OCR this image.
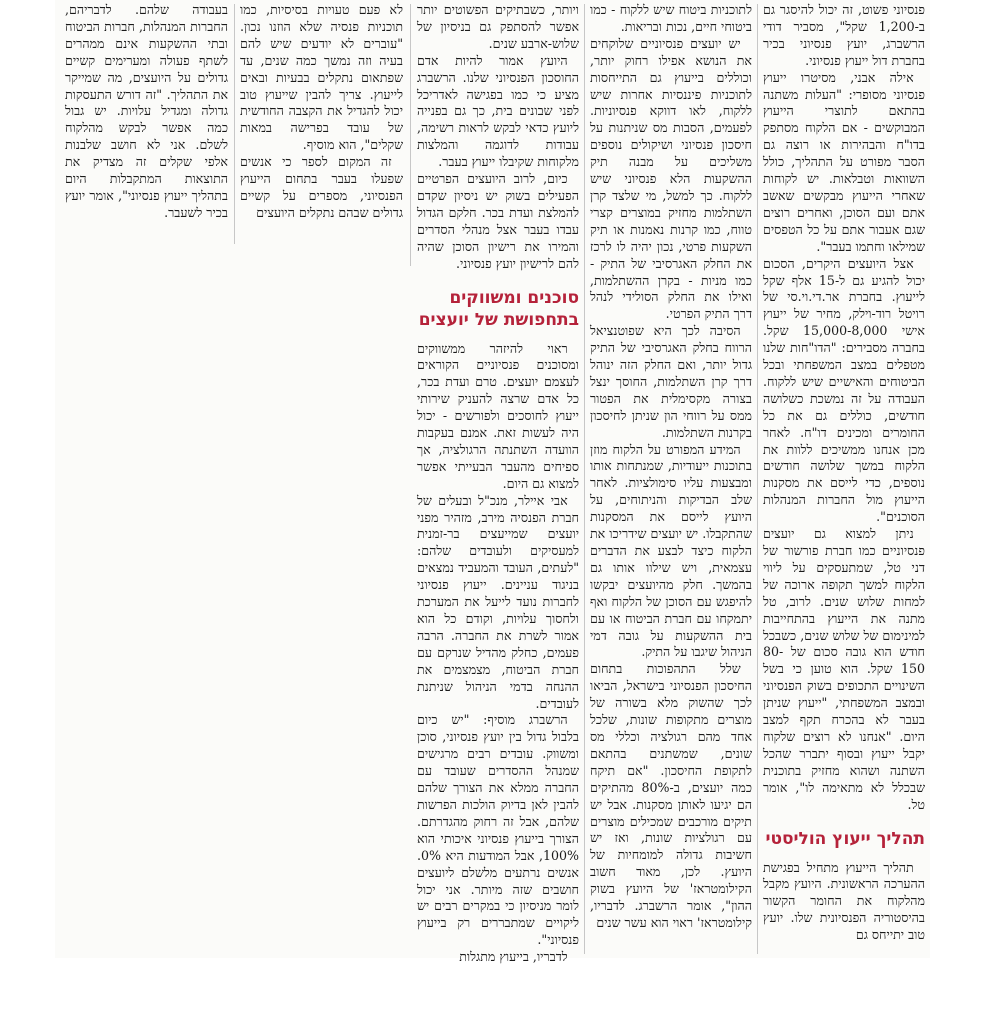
פנסיוני פשוט, זה יכול להיסגר גם ב-1,200 שקל", מסביר דודי הרשברג, יועץ פנסיוני בכיר בחברת דול ייעוץ פנסיוני.

אילה אבני, מסיטרו ייעוץ פנסיוני מסופרי: "העלות משתנה בהתאם לתוצרי הייעוץ המבוקשים - אם הלקוח מסתפק בדו"ח והבהירות או רוצה גם הסבר מפורט על התהליך, כולל השוואות וטבלאות. יש לקוחות שאחרי הייעוץ מבקשים שאשב אתם ועם הסוכן, ואחרים רוצים שגם אעבור אתם על כל הטפסים שמילאו וחתמו בעבר".

אצל היועצים היקרים, הסכום יכול להגיע גם ל-15 אלף שקל לייעוץ. בחברת אר.די.וי.סי של רויטל רוד-וילק, מחיר של ייעוץ אישי 15,000-8,000 שקל. בחברה מסבירים: "הדו"חות שלנו מטפלים במצב המשפחתי ובכל הביטוחים והאישיים שיש ללקוח. העבודה על זה נמשכת כשלושה חודשים, כוללים גם את כל החומרים ומכינים דו"ח. לאחר מכן אנחנו ממשיכים ללוות את הלקוח במשך שלושה חודשים נוספים, כדי לייסם את מסקנות הייעוץ מול החברות המנהלות הסוכנים".

ניתן למצוא גם יועצים פנסיוניים כמו חברת פורשור של דני טל, שמתעסקים על ליווי הלקוח למשך תקופה ארוכה של למחות שלוש שנים. לרוב, טל מתנה את הייעוץ בהתחייבות למינימום של שלוש שנים, כשבכל חודש הוא גובה סכום של 80-150 שקל. הוא טוען כי בשל השינויים התכופים בשוק הפנסיוני ובמצב המשפחתי, "ייעוץ שניתן בעבר לא בהכרח תקף למצב היום. "אנחנו לא רוצים שלקוח יקבל ייעוץ ובסוף יתברר שהכל השתנה ושהוא מחזיק בתוכנית שבכלל לא מתאימה לו", אומר טל.

תהליך ייעוץ הוליסטי

תהליך הייעוץ מתחיל בפגישת ההערכה הראשונית. היועץ מקבל מהלקוח את החומר הקשור בהיסטוריה הפנסיונית שלו. יועץ טוב יתייחס גם

לתוכניות ביטוח שיש ללקוח - כמו ביטוחי חיים, נכות ובריאות.

יש יועצים פנסיוניים שלוקחים את הנושא אפילו רחוק יותר, וכוללים בייעוץ גם התייחסות לתוכניות פיננסיות אחרות שיש ללקוח, לאו דווקא פנסיוניות. לפעמים, הסבות מס שניתנות על חיסכון פנסיוני ושיקולים נוספים משליכים על מבנה תיק ההשקעות הלא פנסיוני שיש ללקוח. כך למשל, מי שלצד קרן השתלמות מחזיק במוצרים קצרי טווח, כמו קרנות נאמנות או תיק השקעות פרטי, נכון יהיה לו לרכז את החלק האגרסיבי של התיק - כמו מניות - בקרן ההשתלמות, ואילו את החלק הסולידי לנהל דרך התיק הפרטי.

הסיבה לכך היא שפוטנציאל הרווח בחלק האגרסיבי של התיק גדול יותר, ואם החלק הזה ינוהל דרך קרן השתלמות, החוסך ינצל בצורה מקסימלית את הפטור ממס על רווחי הון שניתן לחיסכון בקרנות השתלמות.

המידע המפורט על הלקוח מוזן בתוכנות ייעודיות, שמנתחות אותו ומבצעות עליו סימולציות. לאחר שלב הבדיקות והניתוחים, על היועץ לייסם את המסקנות שהתקבלו. יש יועצים שידריכו את הלקוח כיצד לבצע את הדברים עצמאית, ויש שילוו אותו גם בהמשך. חלק מהיועצים יבקשו להיפגש עם הסוכן של הלקוח ואף יתמקחו עם חברת הביטוח או עם בית ההשקעות על גובה דמי הניהול שיגבו על התיק.

שלל התהפוכות בתחום החיסכון הפנסיוני בישראל, הביאו לכך שהשוק מלא בשורה של מוצרים מתקופות שונות, שלכל אחד מהם רגולציה וכללי מס שונים, שמשתנים בהתאם לתקופת החיסכון. "אם תיקח כמה יועצים, ב-80% מהתיקים הם יגיעו לאותן מסקנות. אבל יש תיקים מורכבים שמכילים מוצרים עם רגולציות שונות, ואז יש חשיבות גדולה למומחיות של היועץ. לכן, מאוד חשוב הקילומטראז' של היועץ בשוק ההון", אומר הרשברג. לדבריו, קילומטראז' ראוי הוא עשר שנים

ויותר, כשבתיקים הפשוטים יותר אפשר להסתפק גם בניסיון של שלוש-ארבע שנים.

היועץ אמור להיות אדם החוסכון הפנסיוני שלנו. הרשברג מציע כי כמו בפגישה לאדריכל לפני שבונים בית, כך גם בפנייה ליועץ כדאי לבקש לראות רשימה, עבודות לדוגמה והמלצות מלקוחות שקיבלו ייעוץ בעבר.

כיום, לרוב היועצים הפרטיים הפעילים בשוק יש ניסיון שקדם להמלצת ועדת בכר. חלקם הגדול עבדו בעבר אצל מנהלי הסדרים והמירו את רישיון הסוכן שהיה להם לרישיון יועץ פנסיוני.

סוכנים ומשווקים
בתחפושת של יועצים

ראוי להיזהר ממשווקים ומסוכנים פנסיוניים הקוראים לעצמם יועצים. טרם ועדת בכר, כל אדם שרצה להעניק שירותי ייעוץ לחוסכים ולפורשים - יכול היה לעשות זאת. אמנם בעקבות הוועדה השתנתה הרגולציה, אך ספיחים מהעבר הבעייתי אפשר למצוא גם היום.

אבי איילר, מנכ"ל ובעלים של חברת הפנסיה מירב, מזהיר מפני יועצים שמייעצים בר-זמנית למעסיקים ולעובדים שלהם: "לעתים, העובד והמעביד נמצאים בניגוד עניינים. ייעוץ פנסיוני לחברות נועד לייעל את המערכת ולחסוך עלויות, וקודם כל הוא אמור לשרת את החברה. הרבה פעמים, כחלק מהדיל שנרקם עם חברת הביטוח, מצמצמים את ההנחה בדמי הניהול שניתנת לעובדים.

הרשברג מוסיף: "יש כיום בלבול גדול בין יועץ פנסיוני, סוכן ומשווק. עובדים רבים מרגישים שמנהל ההסדרים שעובד עם החברה ממלא את הצורך שלהם להבין לאן בדיוק הולכות הפרשות שלהם, אבל זה רחוק מהגדרתם. הצורך בייעוץ פנסיוני איכותי הוא 100%, אבל המודעות היא 0%. אנשים נרתעים מלשלם ליועצים חושבים שזה מיותר. אני יכול לומר מניסיון כי במקרים רבים יש ליקויים שמתבררים רק בייעוץ פנסיוני".

לדבריו, בייעוץ מתגלות

לא פעם טעויות בסיסיות, כמו תוכניות פנסיה שלא הוזנו נכון. "עוברים לא יודעים שיש להם בעיה וזה נמשך כמה שנים, עד שפתאום נתקלים בבעיות ובאים לייעוץ. צריך להבין שייעוץ טוב יכול להגדיל את הקצבה החודשית של עובד בפרישה במאות שקלים", הוא מוסיף.

זה המקום לספר כי אנשים שפעלו בעבר בתחום הייעוץ הפנסיוני, מספרים על קשיים גדולים שבהם נתקלים היועצים

בעבודה שלהם. לדבריהם, החברות המנהלות, חברות הביטוח ובתי ההשקעות אינם ממהרים לשתף פעולה ומערימים קשיים גדולים על היועצים, מה שמייקר את התהליך. "זה דורש התעסקות גדולה ומגדיל עלויות. יש גבול כמה אפשר לבקש מהלקוח לשלם. אני לא חושב שלבנות אלפי שקלים זה מצדיק את התוצאות המתקבלות היום בתהליך ייעוץ פנסיוני", אומר יועץ בכיר לשעבר.
